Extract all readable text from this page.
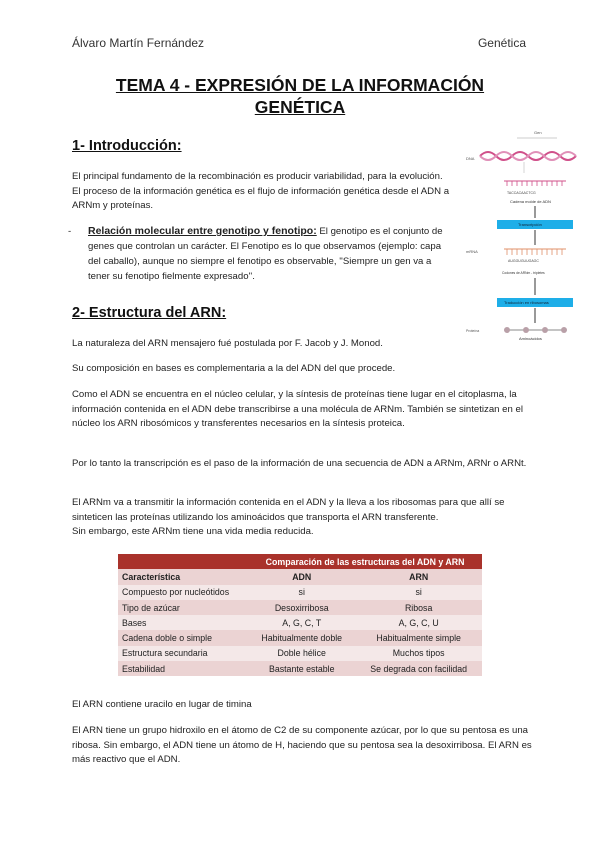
Álvaro Martín Fernández	Genética
TEMA 4 - EXPRESIÓN DE LA INFORMACIÓN
GENÉTICA
1- Introducción:
El principal fundamento de la recombinación es producir variabilidad, para la evolución. El proceso de la información genética es el flujo de información genética desde el ADN a ARNm y proteínas.
- Relación molecular entre genotipo y fenotipo: El genotipo es el conjunto de genes que controlan un carácter. El Fenotipo es lo que observamos (ejemplo: capa del caballo), aunque no siempre el fenotipo es observable, ''Siempre un gen va a tener su fenotipo fielmente expresado''.
Gen
DNA
TACCACAACTCG
Cadena molde de ADN
Transcripción
mRNA
AUGGUGUUGAGC
Codones de ARNm - tripletes
Traducción en ribosomas
Proteína
Aminoácidos
2- Estructura del ARN:
La naturaleza del ARN mensajero fué postulada por F. Jacob y J. Monod.
Su composición en bases es complementaria a la del ADN del que procede.
Como el ADN se encuentra en el núcleo celular, y la síntesis de proteínas tiene lugar en el citoplasma, la información contenida en el ADN debe transcribirse a una molécula de ARNm. También se sintetizan en el núcleo los ARN ribosómicos y transferentes necesarios en la síntesis proteica.
Por lo tanto la transcripción es el paso de la información de una secuencia de ADN a ARNm, ARNr o ARNt.
El ARNm va a transmitir la información contenida en el ADN y la lleva a los ribosomas para que allí se sinteticen las proteínas utilizando los aminoácidos que transporta el ARN transferente.
Sin embargo, este ARNm tiene una vida media reducida.
	Comparación de las estructuras del ADN y ARN	
Característica	ADN	ARN
Compuesto por nucleótidos	si	si
Tipo de azúcar	Desoxirribosa	Ribosa
Bases	A, G, C, T	A, G, C, U
Cadena doble o simple	Habitualmente doble	Habitualmente simple
Estructura secundaria	Doble hélice	Muchos tipos
Estabilidad	Bastante estable	Se degrada con facilidad
El ARN contiene uracilo en lugar de timina
El ARN tiene un grupo hidroxilo en el átomo de C2 de su componente azúcar, por lo que su pentosa es una ribosa. Sin embargo, el ADN tiene un átomo de H, haciendo que su pentosa sea la desoxirribosa. El ARN es más reactivo que el ADN.
